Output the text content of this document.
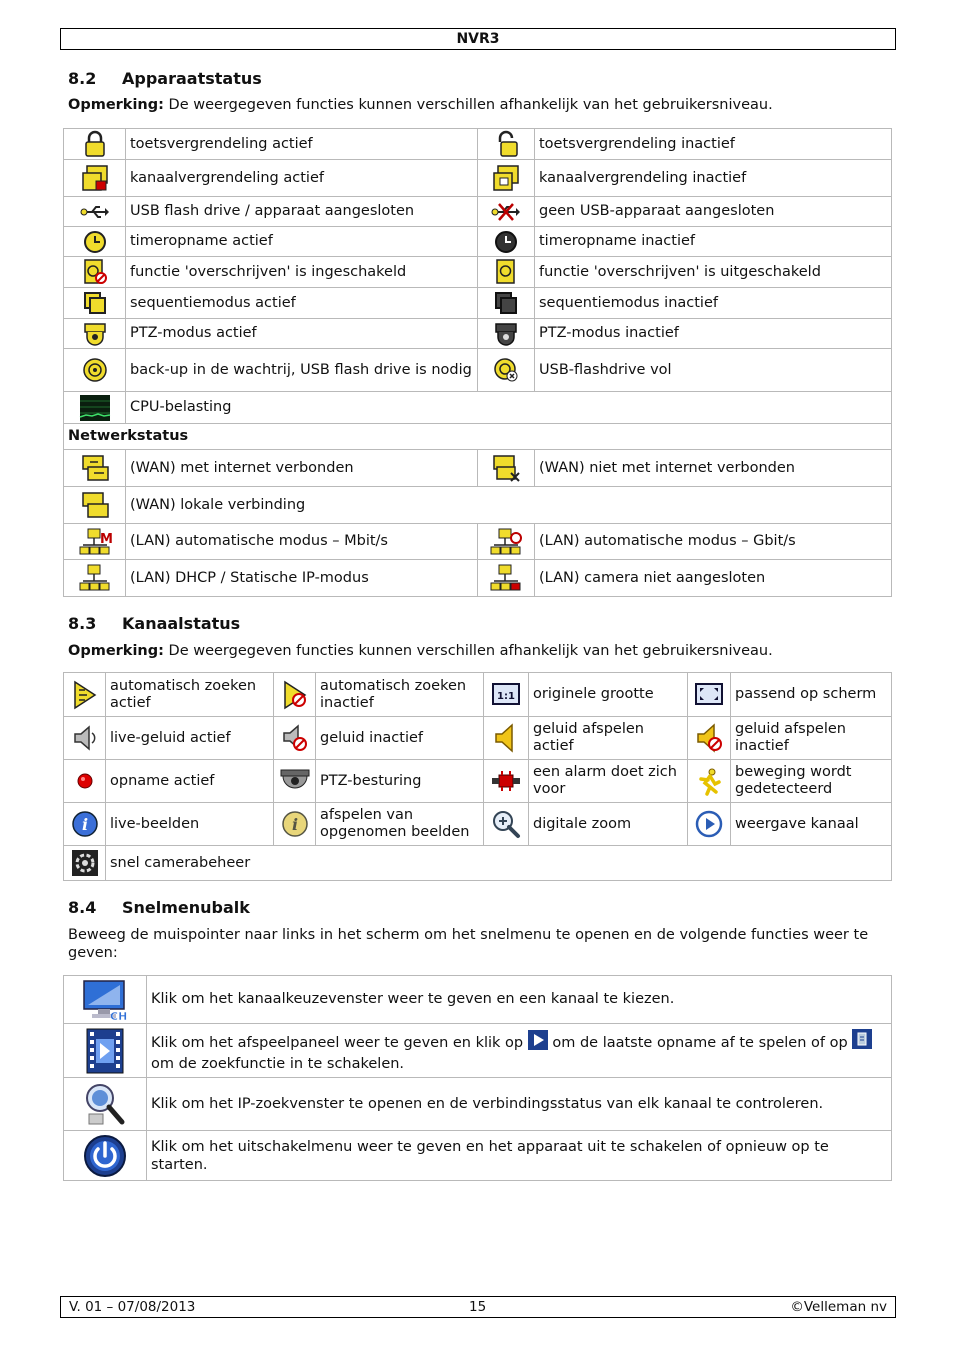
NVR3
8.2 Apparaatstatus
Opmerking: De weergegeven functies kunnen verschillen afhankelijk van het gebruikersniveau.
	toetsvergrendeling actief		toetsvergrendeling inactief

	kanaalvergrendeling actief		kanaalvergrendeling inactief

	USB flash drive / apparaat aangesloten		geen USB-apparaat aangesloten

	timeropname actief		timeropname inactief

	functie 'overschrijven' is ingeschakeld		functie 'overschrijven' is uitgeschakeld

	sequentiemodus actief		sequentiemodus inactief

	PTZ-modus actief		PTZ-modus inactief

	back-up in de wachtrij, USB flash drive is nodig		USB-flashdrive vol

	CPU-belasting		
Netwerkstatus			

	(WAN) met internet verbonden		(WAN) niet met internet verbonden

	(WAN) lokale verbinding		

M	(LAN) automatische modus – Mbit/s		(LAN) automatische modus – Gbit/s

	(LAN) DHCP / Statische IP-modus		(LAN) camera niet aangesloten
8.3 Kanaalstatus
Opmerking: De weergegeven functies kunnen verschillen afhankelijk van het gebruikersniveau.
	automatisch zoeken actief		automatisch zoeken inactief	1:1	originele grootte		passend op scherm

	live-geluid actief		geluid inactief		geluid afspelen actief		geluid afspelen inactief

	opname actief		PTZ-besturing		een alarm doet zich voor		beweging wordt gedetecteerd

i	live-beelden	i	afspelen van opgenomen beelden		digitale zoom		weergave kanaal

	snel camerabeheer						
8.4 Snelmenubalk
Beweeg de muispointer naar links in het scherm om het snelmenu te openen en de volgende functies weer te geven:
CH	Klik om het kanaalkeuzevenster weer te geven en een kanaal te kiezen.

	Klik om het afspeelpaneel weer te geven en klik op  om de laatste opname af te spelen of op
om de zoekfunctie in te schakelen.

	Klik om het IP-zoekvenster te openen en de verbindingsstatus van elk kanaal te controleren.

	Klik om het uitschakelmenu weer te geven en het apparaat uit te schakelen of opnieuw op te starten.
V. 01 – 07/08/2013	15	©Velleman nv
